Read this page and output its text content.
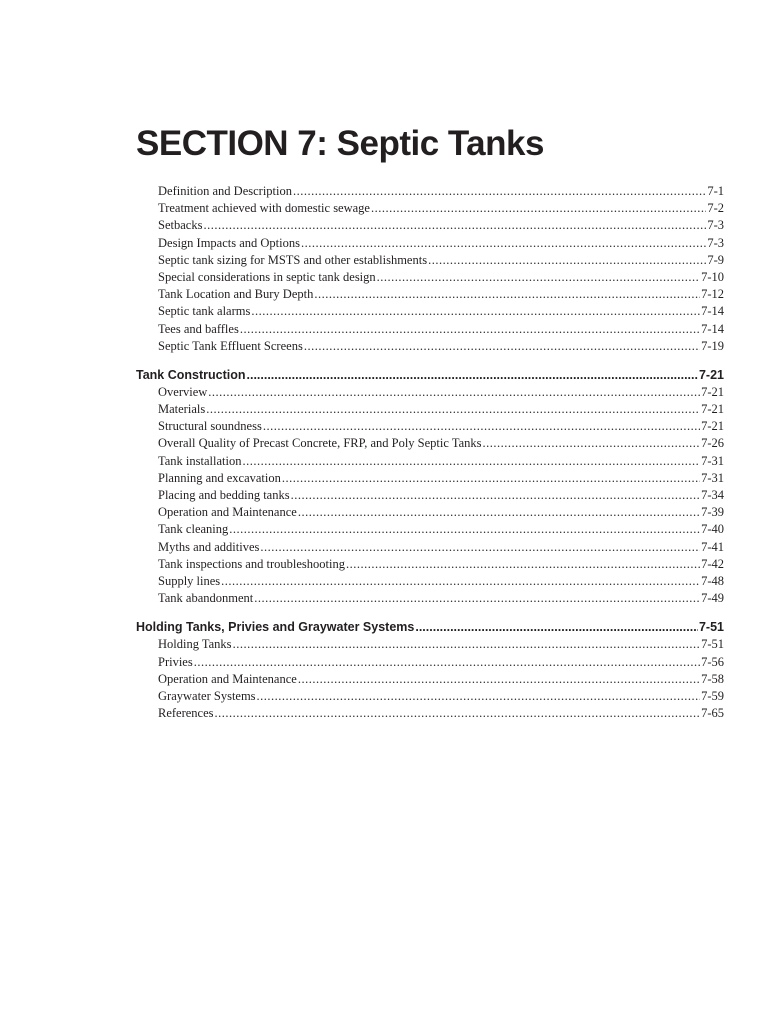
SECTION 7: Septic Tanks
Definition and Description .....	7-1
Treatment achieved with domestic sewage .....	7-2
Setbacks .....	7-3
Design Impacts and Options .....	7-3
Septic tank sizing for MSTS and other establishments .....	7-9
Special considerations in septic tank design .....	7-10
Tank Location and Bury Depth .....	7-12
Septic tank alarms .....	7-14
Tees and baffles .....	7-14
Septic Tank Effluent Screens .....	7-19
Tank Construction .....	7-21
Overview .....	7-21
Materials .....	7-21
Structural soundness .....	7-21
Overall Quality of Precast Concrete, FRP, and Poly Septic Tanks .....	7-26
Tank installation .....	7-31
Planning and excavation .....	7-31
Placing and bedding tanks .....	7-34
Operation and Maintenance .....	7-39
Tank cleaning .....	7-40
Myths and additives .....	7-41
Tank inspections and troubleshooting .....	7-42
Supply lines .....	7-48
Tank abandonment .....	7-49
Holding Tanks, Privies and Graywater Systems .....	7-51
Holding Tanks .....	7-51
Privies .....	7-56
Operation and Maintenance .....	7-58
Graywater Systems .....	7-59
References .....	7-65
